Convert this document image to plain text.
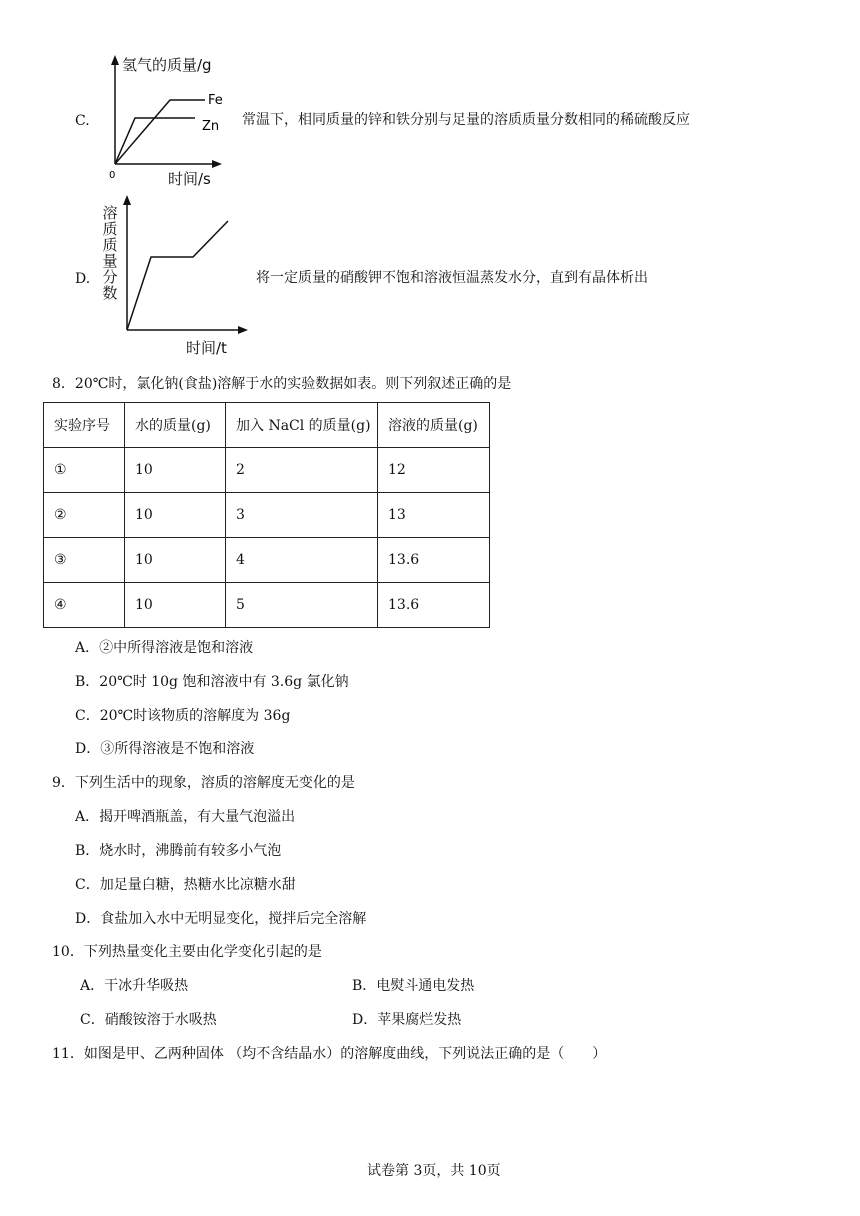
C.
0
Fe
Zn
氢气的质量/g
时间/s
常温下，相同质量的锌和铁分别与足量的溶质质量分数相同的稀硫酸反应
D.
溶
质
质
量
分
数
时间/t
将一定质量的硝酸钾不饱和溶液恒温蒸发水分，直到有晶体析出
8．20℃时，氯化钠(食盐)溶解于水的实验数据如表。则下列叙述正确的是
实验序号	水的质量(g)	加入 NaCl 的质量(g)	溶液的质量(g)
①	10	2	12
②	10	3	13
③	10	4	13.6
④	10	5	13.6
A．②中所得溶液是饱和溶液
B．20℃时 10g 饱和溶液中有 3.6g 氯化钠
C．20℃时该物质的溶解度为 36g
D．③所得溶液是不饱和溶液
9．下列生活中的现象，溶质的溶解度无变化的是
A．揭开啤酒瓶盖，有大量气泡溢出
B．烧水时，沸腾前有较多小气泡
C．加足量白糖，热糖水比凉糖水甜
D．食盐加入水中无明显变化，搅拌后完全溶解
10．下列热量变化主要由化学变化引起的是
A．干冰升华吸热	B．电熨斗通电发热
C．硝酸铵溶于水吸热	D．苹果腐烂发热
11．如图是甲、乙两种固体 （均不含结晶水）的溶解度曲线，下列说法正确的是（　　）
试卷第 3页，共 10页
